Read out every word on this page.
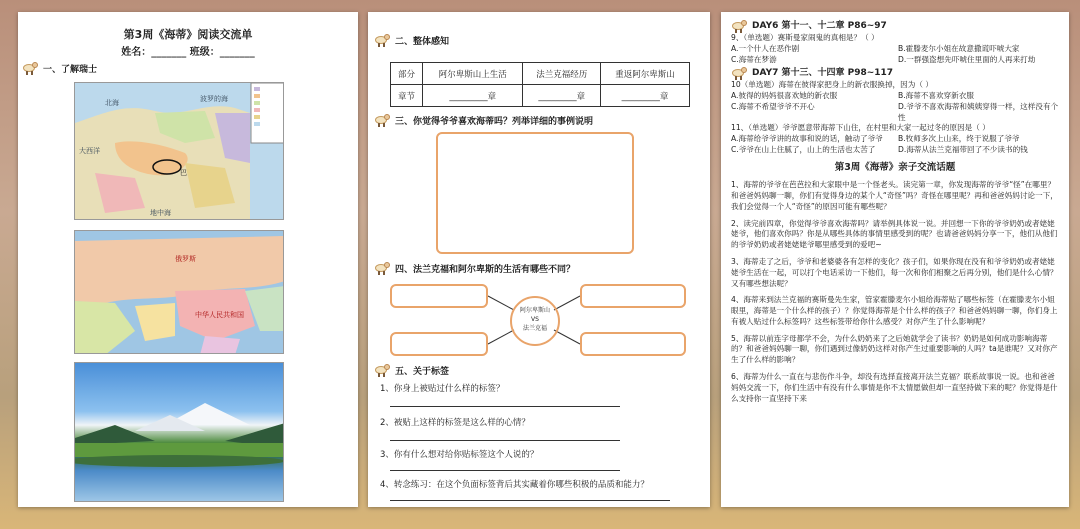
第3周《海蒂》阅读交流单
姓名：_______ 班级：_______
一、了解瑞士
北海	波罗的海
大西洋
地中海
巴
中华人民共和国
俄罗斯
二、整体感知
部分	阿尔卑斯山上生活	法兰克福经历	重返阿尔卑斯山
章节	_________章	_________章	_________章
三、你觉得爷爷喜欢海蒂吗？列举详细的事例说明
四、法兰克福和阿尔卑斯的生活有哪些不同？
阿尔卑斯山
VS
法兰克福
五、关于标签
1、你身上被贴过什么样的标签？
2、被贴上这样的标签是这么样的心情？
3、你有什么想对给你贴标签这个人说的？
4、转念练习：在这个负面标签背后其实藏着你哪些积极的品质和能力？
DAY6 第十一、十二章 P86~97
9、（单选题）赛斯曼家闹鬼的真相是？（ ）
A.一个什人在恶作剧	B.霍滕麦尔小姐在故意撒谎吓唬大家
C.海蒂在梦游	D.一群强盗想先吓唬住里面的人再来打劫
DAY7 第十三、十四章 P98~117
10（单选题）海蒂在彼得家把身上的新衣服换掉，因为（ ）
A.彼得的妈妈很喜欢她的新衣服	B.海蒂不喜欢穿新衣服
C.海蒂不希望爷爷不开心	D.爷爷不喜欢海蒂和姨姨穿得一样，这样没有个性
11、（单选题）爷爷愿意带海蒂下山住，在村里和大家一起过冬的原因是（ ）
A.海蒂给爷爷讲的故事和说的话，触动了爷爷	B.牧师多次上山来，终于说服了爷爷
C.爷爷在山上住腻了，山上的生活也太苦了	D.海蒂从法兰克福带回了不少读书的钱
第3周《海蒂》亲子交流话题
1、海蒂的爷爷在芭芭拉和大家眼中是一个怪老头。读完第一章，你发现海蒂的爷爷“怪”在哪里？和爸爸妈妈聊一聊，你们有觉得身边的某个人“奇怪”吗？奇怪在哪里呢？再和爸爸妈妈讨论一下，我们会觉得一个人“奇怪”的原因可能有哪些呢？
2、读完前四章，你觉得爷爷喜欢海蒂吗？请举例具体说一说。并回想一下你的爷爷奶奶或者姥姥姥爷，他们喜欢你吗？你是从哪些具体的事情里感受到的呢？也请爸爸妈妈分享一下，他们从他们的爷爷奶奶或者姥姥姥爷哪里感受到的爱吧~
3、海蒂走了之后，爷爷和老婆婆各有怎样的变化？孩子们，如果你现在没有和爷爷奶奶或者姥姥姥爷生活在一起，可以打个电话采访一下他们，每一次和你们相聚之后再分别，他们是什么心情？又有哪些想法呢？
4、海蒂来到法兰克福的赛斯曼先生家，管家霍滕麦尔小姐给海蒂贴了哪些标签（在霍滕麦尔小姐眼里，海蒂是一个什么样的孩子）？你觉得海蒂是个什么样的孩子？和爸爸妈妈聊一聊，你们身上有被人贴过什么标签吗？这些标签带给你什么感受？对你产生了什么影响呢？
5、海蒂以前连字母都学不会，为什么奶奶来了之后她就学会了读书？奶奶是如何成功影响海蒂的？和爸爸妈妈聊一聊，你们遇到过像奶奶这样对你产生过重要影响的人吗？ta是谁呢？又对你产生了什么样的影响？
6、海蒂为什么一直在与悲伤作斗争，却没有选择直接离开法兰克福？联系故事说一说。也和爸爸妈妈交流一下，你们生活中有没有什么事情是你不太情愿做但却一直坚持做下来的呢？你觉得是什么支持你一直坚持下来
